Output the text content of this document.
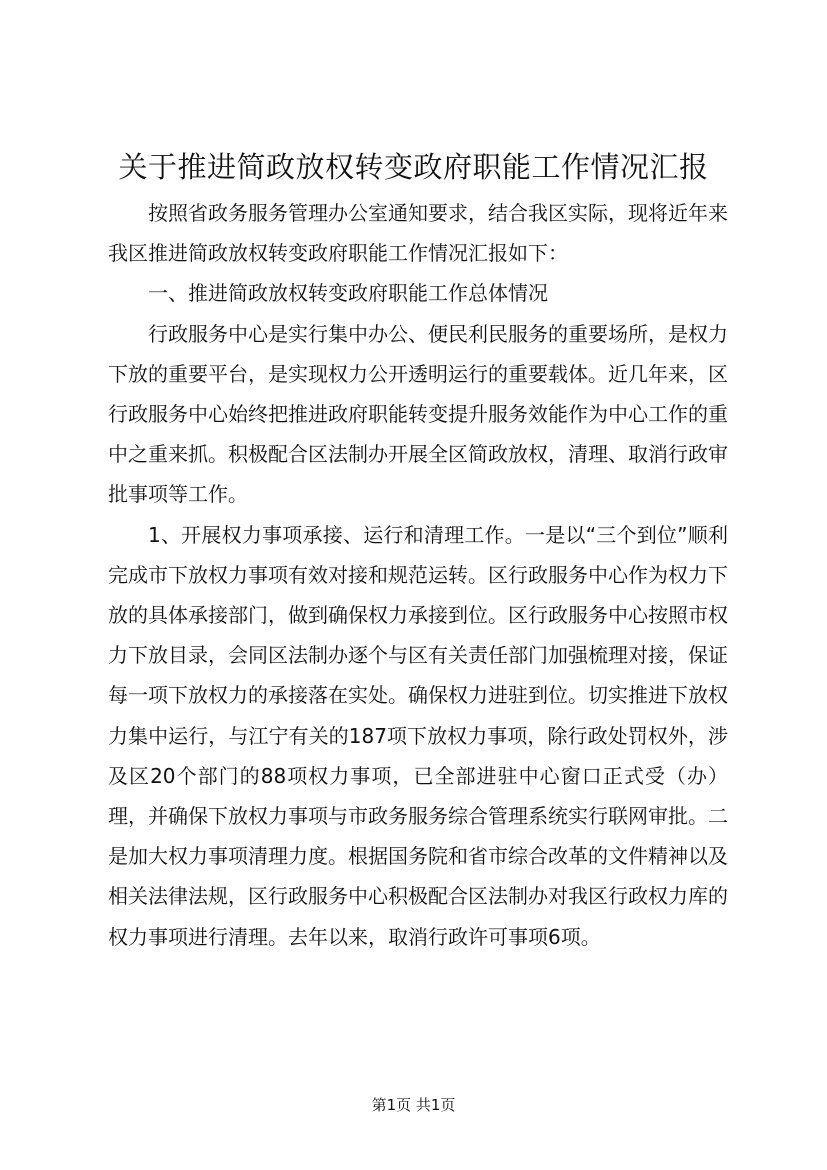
关于推进简政放权转变政府职能工作情况汇报

按照省政务服务管理办公室通知要求，结合我区实际，现将近年来我区推进简政放权转变政府职能工作情况汇报如下：

一、推进简政放权转变政府职能工作总体情况

行政服务中心是实行集中办公、便民利民服务的重要场所，是权力下放的重要平台，是实现权力公开透明运行的重要载体。近几年来，区行政服务中心始终把推进政府职能转变提升服务效能作为中心工作的重中之重来抓。积极配合区法制办开展全区简政放权，清理、取消行政审批事项等工作。

1、开展权力事项承接、运行和清理工作。一是以“三个到位”顺利完成市下放权力事项有效对接和规范运转。区行政服务中心作为权力下放的具体承接部门，做到确保权力承接到位。区行政服务中心按照市权力下放目录，会同区法制办逐个与区有关责任部门加强梳理对接，保证每一项下放权力的承接落在实处。确保权力进驻到位。切实推进下放权力集中运行，与江宁有关的187项下放权力事项，除行政处罚权外，涉及区20个部门的88项权力事项，已全部进驻中心窗口正式受（办）理，并确保下放权力事项与市政务服务综合管理系统实行联网审批。二是加大权力事项清理力度。根据国务院和省市综合改革的文件精神以及相关法律法规，区行政服务中心积极配合区法制办对我区行政权力库的权力事项进行清理。去年以来，取消行政许可事项6项。

第1页 共1页
